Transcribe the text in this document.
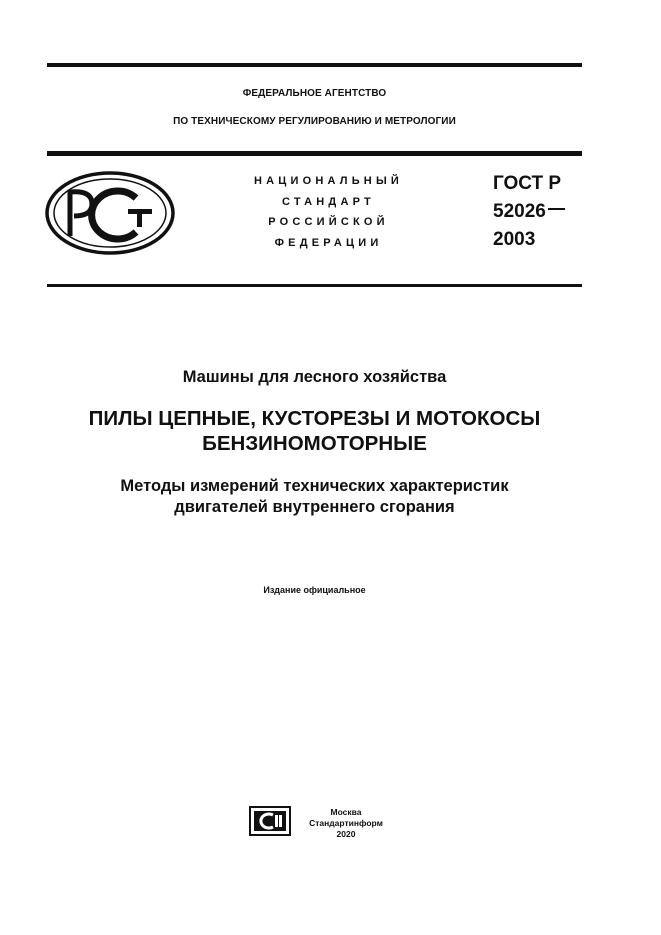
ФЕДЕРАЛЬНОЕ АГЕНТСТВО
ПО ТЕХНИЧЕСКОМУ РЕГУЛИРОВАНИЮ И МЕТРОЛОГИИ
НАЦИОНАЛЬНЫЙ
СТАНДАРТ
РОССИЙСКОЙ
ФЕДЕРАЦИИ
ГОСТ Р
52026
2003
Машины для лесного хозяйства
ПИЛЫ ЦЕПНЫЕ, КУСТОРЕЗЫ И МОТОКОСЫ
БЕНЗИНОМОТОРНЫЕ
Методы измерений технических характеристик
двигателей внутреннего сгорания
Издание официальное
Москва
Стандартинформ
2020
